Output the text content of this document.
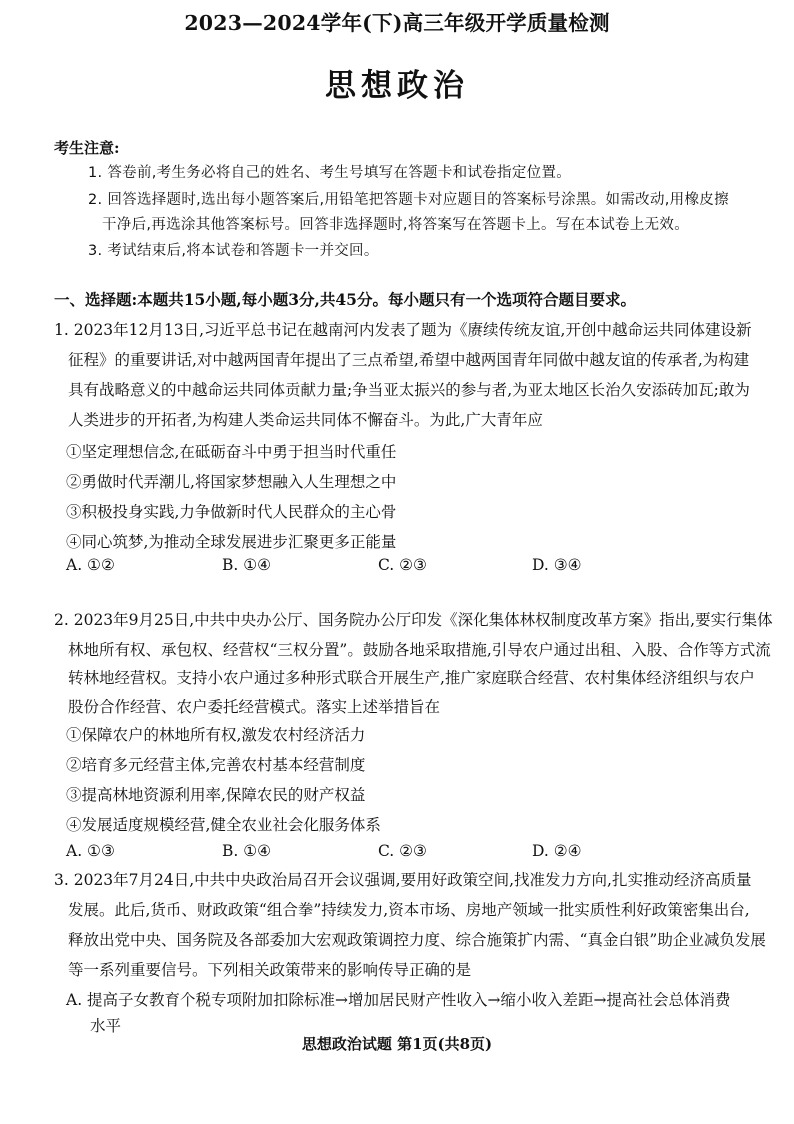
2023—2024学年(下)高三年级开学质量检测
思想政治
考生注意:
1. 答卷前,考生务必将自己的姓名、考生号填写在答题卡和试卷指定位置。
2. 回答选择题时,选出每小题答案后,用铅笔把答题卡对应题目的答案标号涂黑。如需改动,用橡皮擦
干净后,再选涂其他答案标号。回答非选择题时,将答案写在答题卡上。写在本试卷上无效。
3. 考试结束后,将本试卷和答题卡一并交回。
一、选择题:本题共15小题,每小题3分,共45分。每小题只有一个选项符合题目要求。
1. 2023年12月13日,习近平总书记在越南河内发表了题为《赓续传统友谊,开创中越命运共同体建设新
征程》的重要讲话,对中越两国青年提出了三点希望,希望中越两国青年同做中越友谊的传承者,为构建
具有战略意义的中越命运共同体贡献力量;争当亚太振兴的参与者,为亚太地区长治久安添砖加瓦;敢为
人类进步的开拓者,为构建人类命运共同体不懈奋斗。为此,广大青年应
①坚定理想信念,在砥砺奋斗中勇于担当时代重任
②勇做时代弄潮儿,将国家梦想融入人生理想之中
③积极投身实践,力争做新时代人民群众的主心骨
④同心筑梦,为推动全球发展进步汇聚更多正能量
A. ①②	B. ①④	C. ②③	D. ③④
2. 2023年9月25日,中共中央办公厅、国务院办公厅印发《深化集体林权制度改革方案》指出,要实行集体
林地所有权、承包权、经营权“三权分置”。鼓励各地采取措施,引导农户通过出租、入股、合作等方式流
转林地经营权。支持小农户通过多种形式联合开展生产,推广家庭联合经营、农村集体经济组织与农户
股份合作经营、农户委托经营模式。落实上述举措旨在
①保障农户的林地所有权,激发农村经济活力
②培育多元经营主体,完善农村基本经营制度
③提高林地资源利用率,保障农民的财产权益
④发展适度规模经营,健全农业社会化服务体系
A. ①③	B. ①④	C. ②③	D. ②④
3. 2023年7月24日,中共中央政治局召开会议强调,要用好政策空间,找准发力方向,扎实推动经济高质量
发展。此后,货币、财政政策“组合拳”持续发力,资本市场、房地产领域一批实质性利好政策密集出台,
释放出党中央、国务院及各部委加大宏观政策调控力度、综合施策扩内需、“真金白银”助企业减负发展
等一系列重要信号。下列相关政策带来的影响传导正确的是
A. 提高子女教育个税专项附加扣除标准→增加居民财产性收入→缩小收入差距→提高社会总体消费
水平
思想政治试题 第1页(共8页)
